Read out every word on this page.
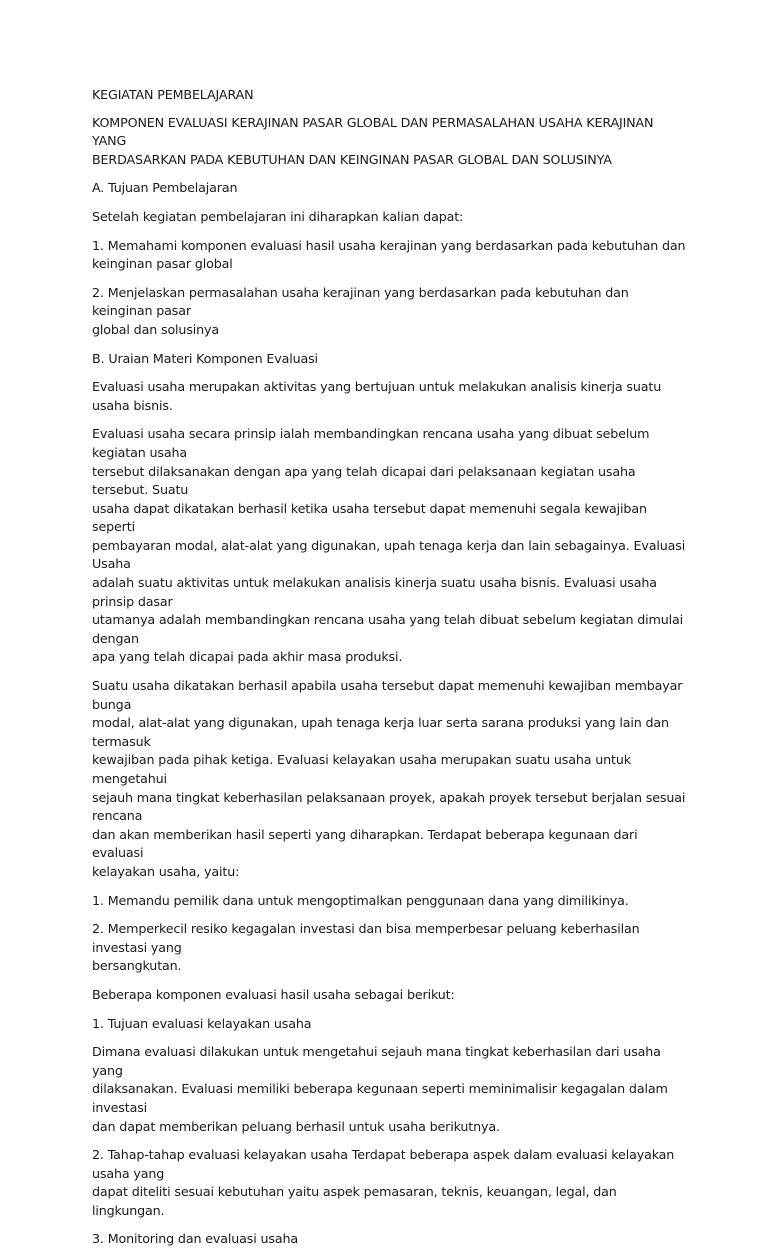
KEGIATAN PEMBELAJARAN

KOMPONEN EVALUASI KERAJINAN PASAR GLOBAL DAN PERMASALAHAN USAHA KERAJINAN YANG
BERDASARKAN PADA KEBUTUHAN DAN KEINGINAN PASAR GLOBAL DAN SOLUSINYA

A. Tujuan Pembelajaran

Setelah kegiatan pembelajaran ini diharapkan kalian dapat:

1. Memahami komponen evaluasi hasil usaha kerajinan yang berdasarkan pada kebutuhan dan
keinginan pasar global

2. Menjelaskan permasalahan usaha kerajinan yang berdasarkan pada kebutuhan dan keinginan pasar
global dan solusinya

B. Uraian Materi Komponen Evaluasi

Evaluasi usaha merupakan aktivitas yang bertujuan untuk melakukan analisis kinerja suatu usaha bisnis.

Evaluasi usaha secara prinsip ialah membandingkan rencana usaha yang dibuat sebelum kegiatan usaha
tersebut dilaksanakan dengan apa yang telah dicapai dari pelaksanaan kegiatan usaha tersebut. Suatu
usaha dapat dikatakan berhasil ketika usaha tersebut dapat memenuhi segala kewajiban seperti
pembayaran modal, alat-alat yang digunakan, upah tenaga kerja dan lain sebagainya. Evaluasi Usaha
adalah suatu aktivitas untuk melakukan analisis kinerja suatu usaha bisnis. Evaluasi usaha prinsip dasar
utamanya adalah membandingkan rencana usaha yang telah dibuat sebelum kegiatan dimulai dengan
apa yang telah dicapai pada akhir masa produksi.

Suatu usaha dikatakan berhasil apabila usaha tersebut dapat memenuhi kewajiban membayar bunga
modal, alat-alat yang digunakan, upah tenaga kerja luar serta sarana produksi yang lain dan termasuk
kewajiban pada pihak ketiga. Evaluasi kelayakan usaha merupakan suatu usaha untuk mengetahui
sejauh mana tingkat keberhasilan pelaksanaan proyek, apakah proyek tersebut berjalan sesuai rencana
dan akan memberikan hasil seperti yang diharapkan. Terdapat beberapa kegunaan dari evaluasi
kelayakan usaha, yaitu:

1. Memandu pemilik dana untuk mengoptimalkan penggunaan dana yang dimilikinya.

2. Memperkecil resiko kegagalan investasi dan bisa memperbesar peluang keberhasilan investasi yang
bersangkutan.

Beberapa komponen evaluasi hasil usaha sebagai berikut:

1. Tujuan evaluasi kelayakan usaha

Dimana evaluasi dilakukan untuk mengetahui sejauh mana tingkat keberhasilan dari usaha yang
dilaksanakan. Evaluasi memiliki beberapa kegunaan seperti meminimalisir kegagalan dalam investasi
dan dapat memberikan peluang berhasil untuk usaha berikutnya.

2. Tahap-tahap evaluasi kelayakan usaha Terdapat beberapa aspek dalam evaluasi kelayakan usaha yang
dapat diteliti sesuai kebutuhan yaitu aspek pemasaran, teknis, keuangan, legal, dan lingkungan.

3. Monitoring dan evaluasi usaha
